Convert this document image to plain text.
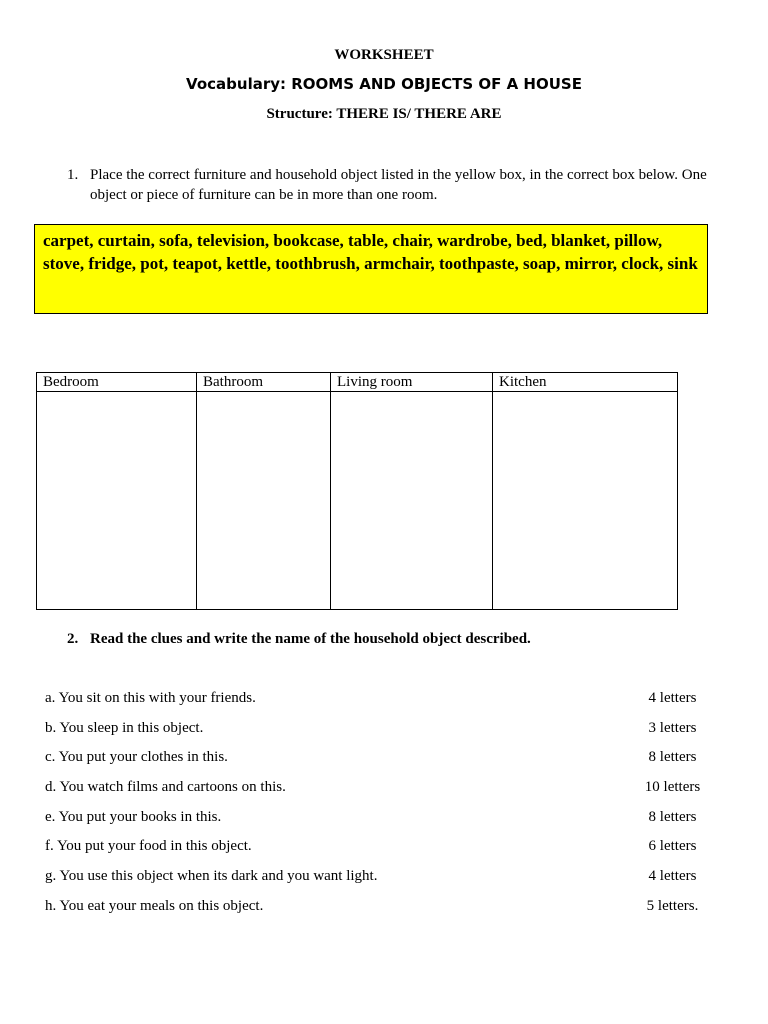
WORKSHEET
Vocabulary: ROOMS AND OBJECTS OF A HOUSE
Structure: THERE IS/ THERE ARE
1. Place the correct furniture and household object listed in the yellow box, in the correct box below. One object or piece of furniture can be in more than one room.
carpet, curtain, sofa, television, bookcase, table, chair, wardrobe, bed, blanket, pillow, stove, fridge, pot, teapot, kettle, toothbrush, armchair, toothpaste, soap, mirror, clock, sink
Bedroom	Bathroom	Living room	Kitchen

2. Read the clues and write the name of the household object described.
a. You sit on this with your friends.	4 letters
b. You sleep in this object.	3 letters
c. You put your clothes in this.	8 letters
d. You watch films and cartoons on this.	10 letters
e. You put your books in this.	8 letters
f. You put your food in this object.	6 letters
g. You use this object when its dark and you want light.	4 letters
h. You eat your meals on this object.	5 letters.
